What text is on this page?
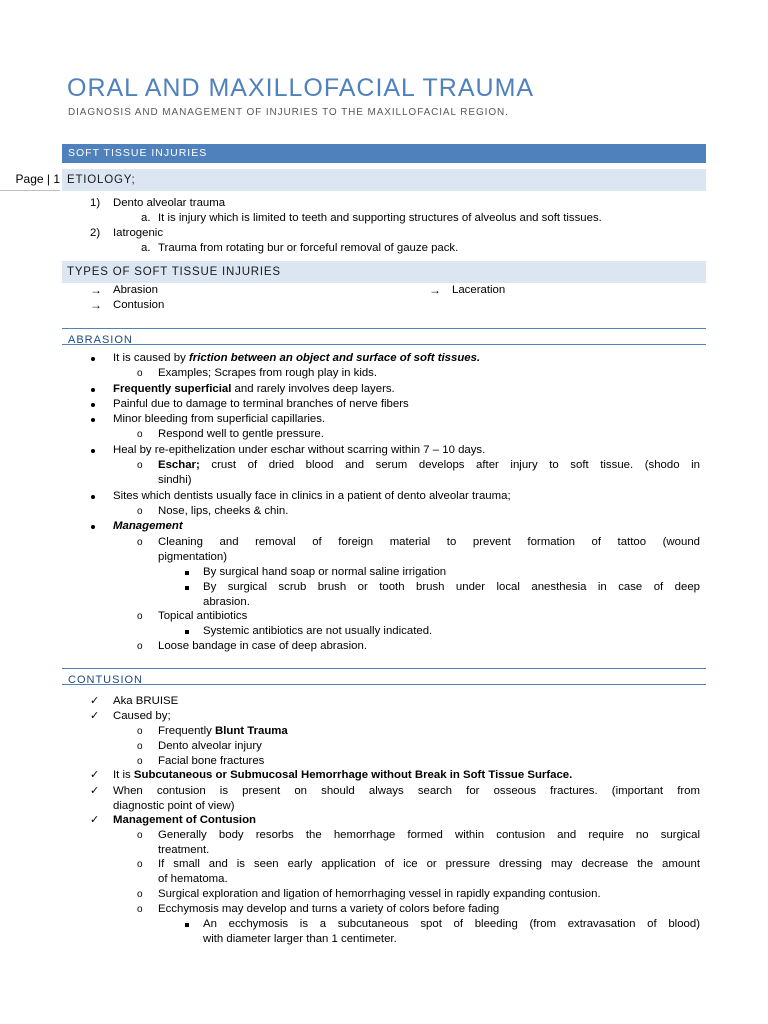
ORAL AND MAXILLOFACIAL TRAUMA

DIAGNOSIS AND MANAGEMENT OF INJURIES TO THE MAXILLOFACIAL REGION.

SOFT TISSUE INJURIES
Page | 1 ETIOLOGY;
1) Dento alveolar trauma
a. It is injury which is limited to teeth and supporting structures of alveolus and soft tissues.
2) Iatrogenic
a. Trauma from rotating bur or forceful removal of gauze pack.
TYPES OF SOFT TISSUE INJURIES
→ Abrasion	→ Laceration
→ Contusion
ABRASION
It is caused by friction between an object and surface of soft tissues.
o Examples; Scrapes from rough play in kids.
Frequently superficial and rarely involves deep layers.
Painful due to damage to terminal branches of nerve fibers
Minor bleeding from superficial capillaries.
o Respond well to gentle pressure.
Heal by re-epithelization under eschar without scarring within 7 – 10 days.
o Eschar; crust of dried blood and serum develops after injury to soft tissue. (shodo in
sindhi)
Sites which dentists usually face in clinics in a patient of dento alveolar trauma;
o Nose, lips, cheeks & chin.
Management
o Cleaning and removal of foreign material to prevent formation of tattoo (wound
pigmentation)
By surgical hand soap or normal saline irrigation
By surgical scrub brush or tooth brush under local anesthesia in case of deep
abrasion.
o Topical antibiotics
Systemic antibiotics are not usually indicated.
o Loose bandage in case of deep abrasion.
CONTUSION
✓ Aka BRUISE
✓ Caused by;
o Frequently Blunt Trauma
o Dento alveolar injury
o Facial bone fractures
✓ It is Subcutaneous or Submucosal Hemorrhage without Break in Soft Tissue Surface.
✓ When contusion is present on should always search for osseous fractures. (important from
diagnostic point of view)
✓ Management of Contusion
o Generally body resorbs the hemorrhage formed within contusion and require no surgical
treatment.
o If small and is seen early application of ice or pressure dressing may decrease the amount
of hematoma.
o Surgical exploration and ligation of hemorrhaging vessel in rapidly expanding contusion.
o Ecchymosis may develop and turns a variety of colors before fading
An ecchymosis is a subcutaneous spot of bleeding (from extravasation of blood)
with diameter larger than 1 centimeter.
